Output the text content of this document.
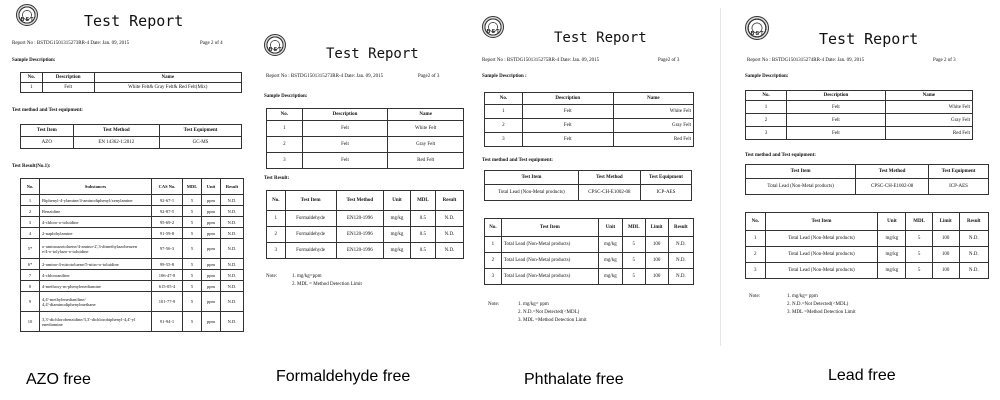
B S T	Test Report
Report No : BSTDG1501315273RR-4 Date: Jan. 09, 2015	Page 2 of 4
Sample Description:
No.	Description	Name
1	Felt	White Felt& Gray Felt& Red Felt(Mix)
Test method and Test equipment:
Test Item	Test Method	Test Equipment
AZO	EN 14362-1:2012	GC-MS
Test Result(No.1):
No.	Substances	CAS No.	MDL	Unit	Result
1	Biphenyl-4-ylamine/4-aminodiphenyl/xenylamine	92-67-1	5	ppm	N.D.
2	Benzidine	92-87-5	5	ppm	N.D.
3	4-chloro-o-toluidine	95-69-2	5	ppm	N.D.
4	2-naphthylamine	91-59-8	5	ppm	N.D.
5*	o-aminoazotoluene/4-amino-2',3-dimethylazobenzen
e/4-o-tolylazo-o-toluidine	97-56-3	5	ppm	N.D.
6*	2-amino-4-nitrotoluene/5-nitro-o-toluidine	99-55-8	5	ppm	N.D.
7	4-chloroaniline	106-47-8	5	ppm	N.D.
8	4-methoxy-m-phenylenediamine	615-05-4	5	ppm	N.D.
9	4,4'-methylenedianiline/
4,4'-diaminodiphenylmethane	101-77-9	5	ppm	N.D.
10	3,3'-dichlorobenzidine/3,3'-dichlorobiphenyl-4,4'-yl
enediamine	91-94-1	5	ppm	N.D.
B S T	Test Report
Report No : BSTDG1501315273RR-4 Date: Jan. 09, 2015	Page2 of 3
Sample Description:
No.	Description	Name
1	Felt	White Felt
2	Felt	Gray Felt
3	Felt	Red Felt
Test Result:
No.	Test Item	Test Method	Unit	MDL	Result
1	Formaldehyde	EN120-1996	mg/kg	0.5	N.D.
2	Formaldehyde	EN120-1996	mg/kg	0.5	N.D.
3	Formaldehyde	EN120-1996	mg/kg	0.5	N.D.
Note:	1. mg/kg=ppm
2. MDL = Method Detection Limit
B S T	Test Report
Report No : BSTDG1501315275RR-4 Date: Jan. 09, 2015	Page2 of 3
Sample Description :
No.	Description	Name
1	Felt	White Felt
2	Felt	Gray Felt
3	Felt	Red Felt
Test method and Test equipment:
Test Item	Test Method	Test Equipment
Total Lead (Non-Metal products)	CPSC-CH-E1002-08	ICP-AES
No.	Test Item	Unit	MDL	Limit	Result
1	Total Lead (Non-Metal products)	mg/kg	5	100	N.D.
2	Total Lead (Non-Metal products)	mg/kg	5	100	N.D.
3	Total Lead (Non-Metal products)	mg/kg	5	100	N.D.
Note:	1. mg/kg= ppm
2. N.D.=Not Detected(<MDL)
3. MDL =Method Detection Limit
B S T	Test Report
Report No : BSTDG1501315274RR-4 Date: Jan. 09, 2015	Page 2 of 3
Sample Description:
No.	Description	Name
1	Felt	White Felt
2	Felt	Gray Felt
3	Felt	Red Felt
Test method and Test equipment:
Test Item	Test Method	Test Equipment
Total Lead (Non-Metal products)	CPSC-CH-E1002-08	ICP-AES
No.	Test Item	Unit	MDL	Limit	Result
1	Total Lead (Non-Metal products)	mg/kg	5	100	N.D.
2	Total Lead (Non-Metal products)	mg/kg	5	100	N.D.
3	Total Lead (Non-Metal products)	mg/kg	5	100	N.D.
Note:	1. mg/kg= ppm
2. N.D.=Not Detected(<MDL)
3. MDL =Method Detection Limit
AZO free	Formaldehyde free	Phthalate free	Lead free
